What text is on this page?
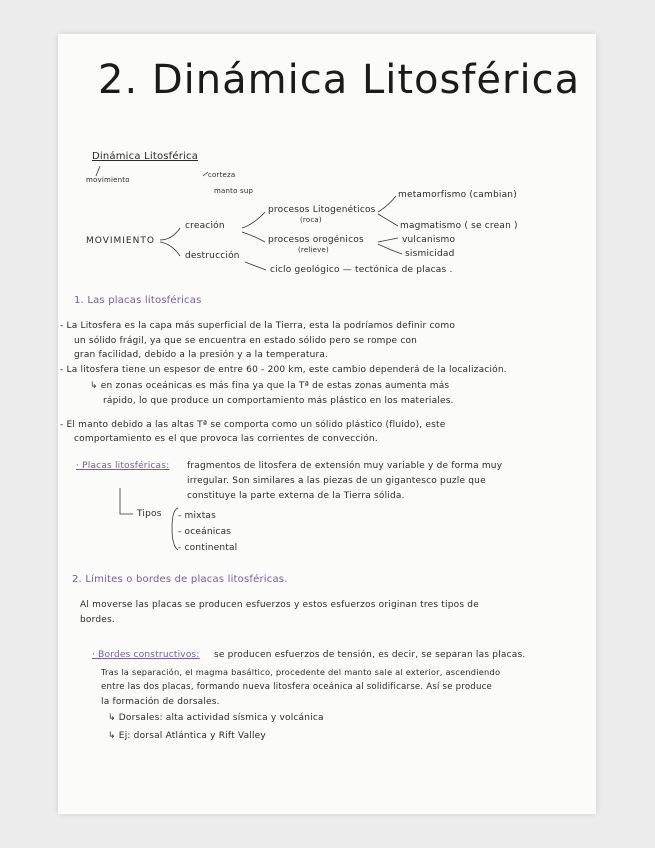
2. Dinámica Litosférica
Dinámica Litosférica
movimiento
corteza
manto sup
MOVIMIENTO
creación
destrucción
procesos Litogenéticos
(roca)
procesos orogénicos
(relieve)
metamorfismo (cambian)
magmatismo ( se crean )
vulcanismo
sismicidad
ciclo geológico — tectónica de placas .
1. Las placas litosféricas
- La Litosfera es la capa más superficial de la Tierra, esta la podríamos definir como
un sólido frágil, ya que se encuentra en estado sólido pero se rompe con
gran facilidad, debido a la presión y a la temperatura.
- La litosfera tiene un espesor de entre 60 - 200 km, este cambio dependerá de la localización.
↳ en zonas oceánicas es más fina ya que la Tª de estas zonas aumenta más
rápido, lo que produce un comportamiento más plástico en los materiales.
- El manto debido a las altas Tª se comporta como un sólido plástico (fluido), este
comportamiento es el que provoca las corrientes de convección.
· Placas litosféricas: fragmentos de litosfera de extensión muy variable y de forma muy
irregular. Son similares a las piezas de un gigantesco puzle que
constituye la parte externa de la Tierra sólida.
Tipos - mixtas
- oceánicas
- continental
2. Límites o bordes de placas litosféricas.
Al moverse las placas se producen esfuerzos y estos esfuerzos originan tres tipos de
bordes.
· Bordes constructivos: se producen esfuerzos de tensión, es decir, se separan las placas.
Tras la separación, el magma basáltico, procedente del manto sale al exterior, ascendiendo
entre las dos placas, formando nueva litosfera oceánica al solidificarse. Así se produce
la formación de dorsales.
↳ Dorsales: alta actividad sísmica y volcánica
↳ Ej: dorsal Atlántica y Rift Valley
